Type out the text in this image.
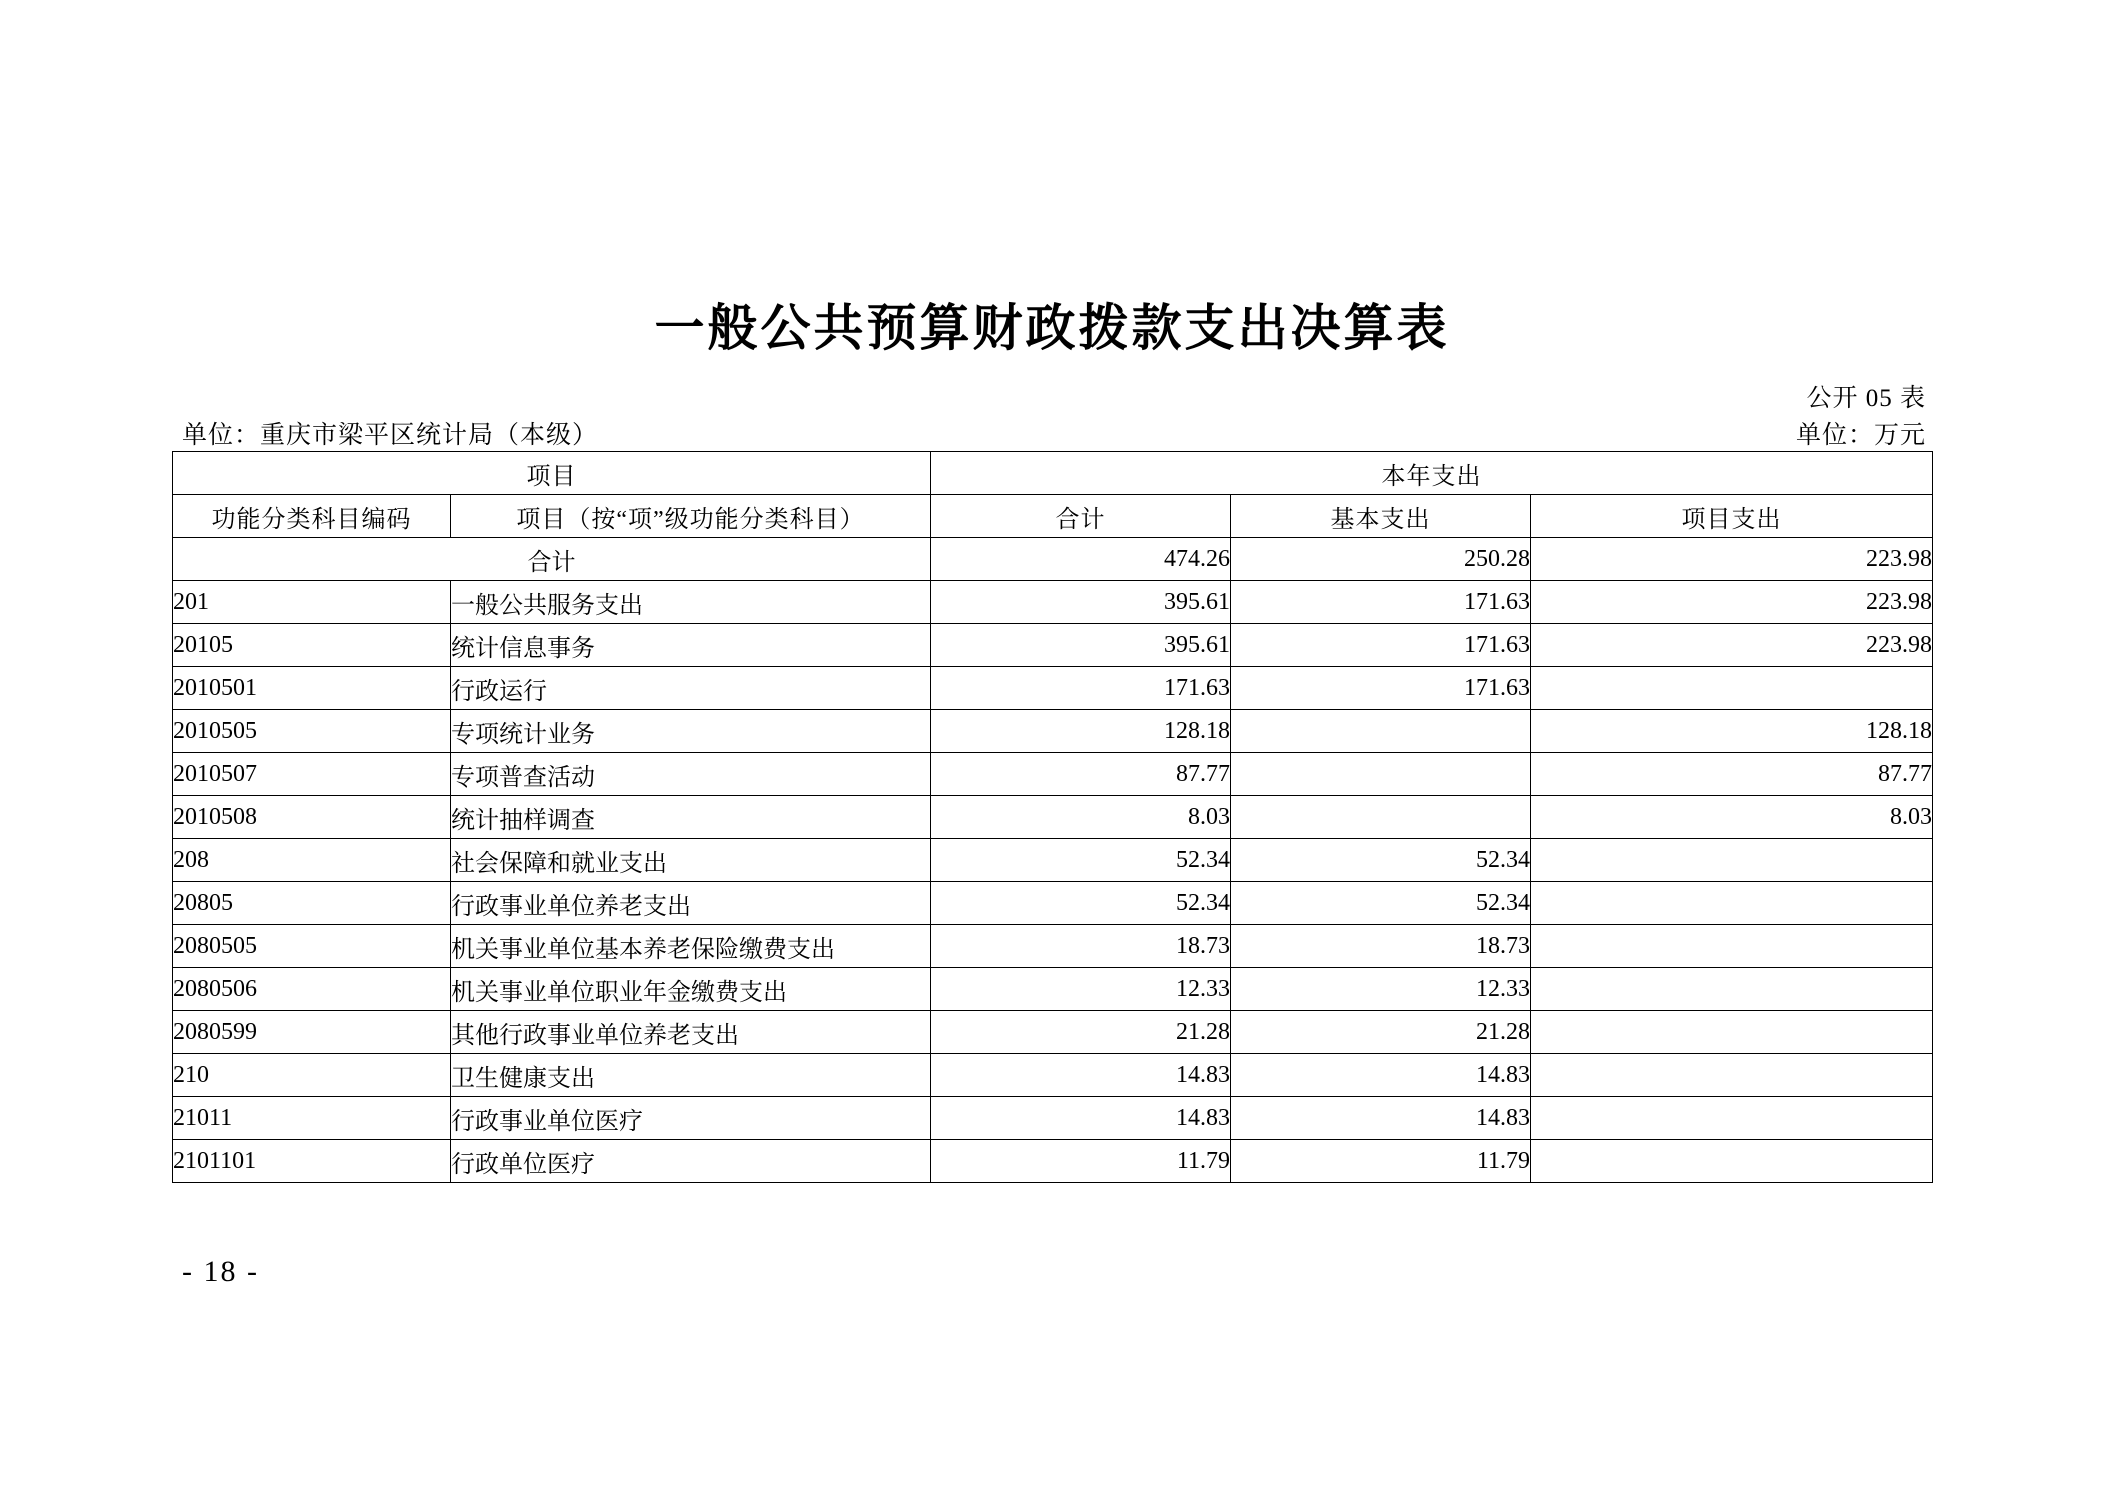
一般公共预算财政拨款支出决算表
公开 05 表
单位：重庆市梁平区统计局（本级）	单位：万元
项目		本年支出		
功能分类科目编码	项目（按“项”级功能分类科目）	合计	基本支出	项目支出
合计		474.26	250.28	223.98
201	一般公共服务支出	395.61	171.63	223.98
20105	统计信息事务	395.61	171.63	223.98
2010501	行政运行	171.63	171.63	
2010505	专项统计业务	128.18		128.18
2010507	专项普查活动	87.77		87.77
2010508	统计抽样调查	8.03		8.03
208	社会保障和就业支出	52.34	52.34	
20805	行政事业单位养老支出	52.34	52.34	
2080505	机关事业单位基本养老保险缴费支出	18.73	18.73	
2080506	机关事业单位职业年金缴费支出	12.33	12.33	
2080599	其他行政事业单位养老支出	21.28	21.28	
210	卫生健康支出	14.83	14.83	
21011	行政事业单位医疗	14.83	14.83	
2101101	行政单位医疗	11.79	11.79	
- 18 -
